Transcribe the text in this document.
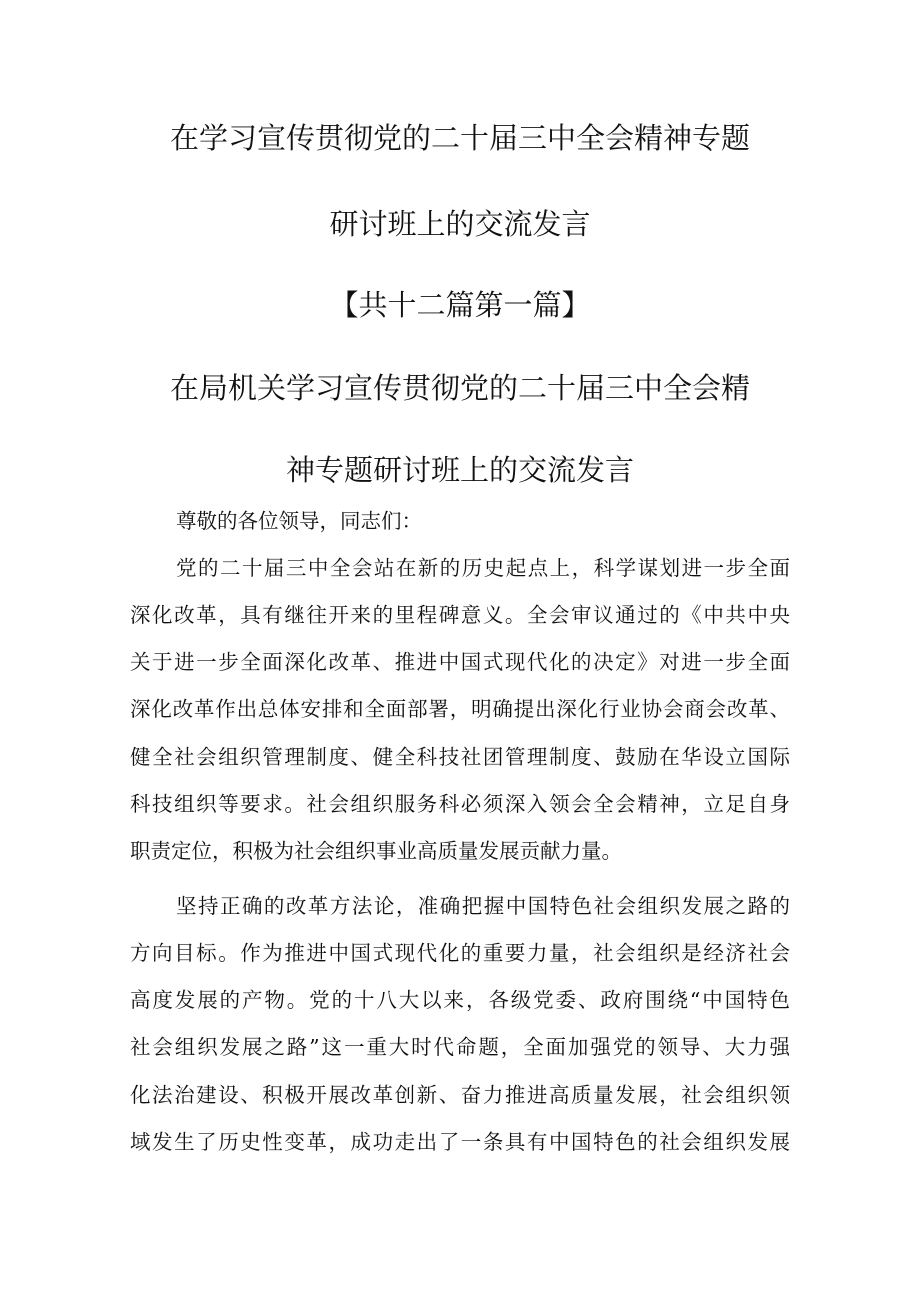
在学习宣传贯彻党的二十届三中全会精神专题
研讨班上的交流发言
【共十二篇第一篇】
在局机关学习宣传贯彻党的二十届三中全会精
神专题研讨班上的交流发言
尊敬的各位领导，同志们：
党的二十届三中全会站在新的历史起点上，科学谋划进一步全面
深化改革，具有继往开来的里程碑意义。全会审议通过的《中共中央
关于进一步全面深化改革、推进中国式现代化的决定》对进一步全面
深化改革作出总体安排和全面部署，明确提出深化行业协会商会改革、
健全社会组织管理制度、健全科技社团管理制度、鼓励在华设立国际
科技组织等要求。社会组织服务科必须深入领会全会精神，立足自身
职责定位，积极为社会组织事业高质量发展贡献力量。
坚持正确的改革方法论，准确把握中国特色社会组织发展之路的
方向目标。作为推进中国式现代化的重要力量，社会组织是经济社会
高度发展的产物。党的十八大以来，各级党委、政府围绕“中国特色
社会组织发展之路”这一重大时代命题，全面加强党的领导、大力强
化法治建设、积极开展改革创新、奋力推进高质量发展，社会组织领
域发生了历史性变革，成功走出了一条具有中国特色的社会组织发展
